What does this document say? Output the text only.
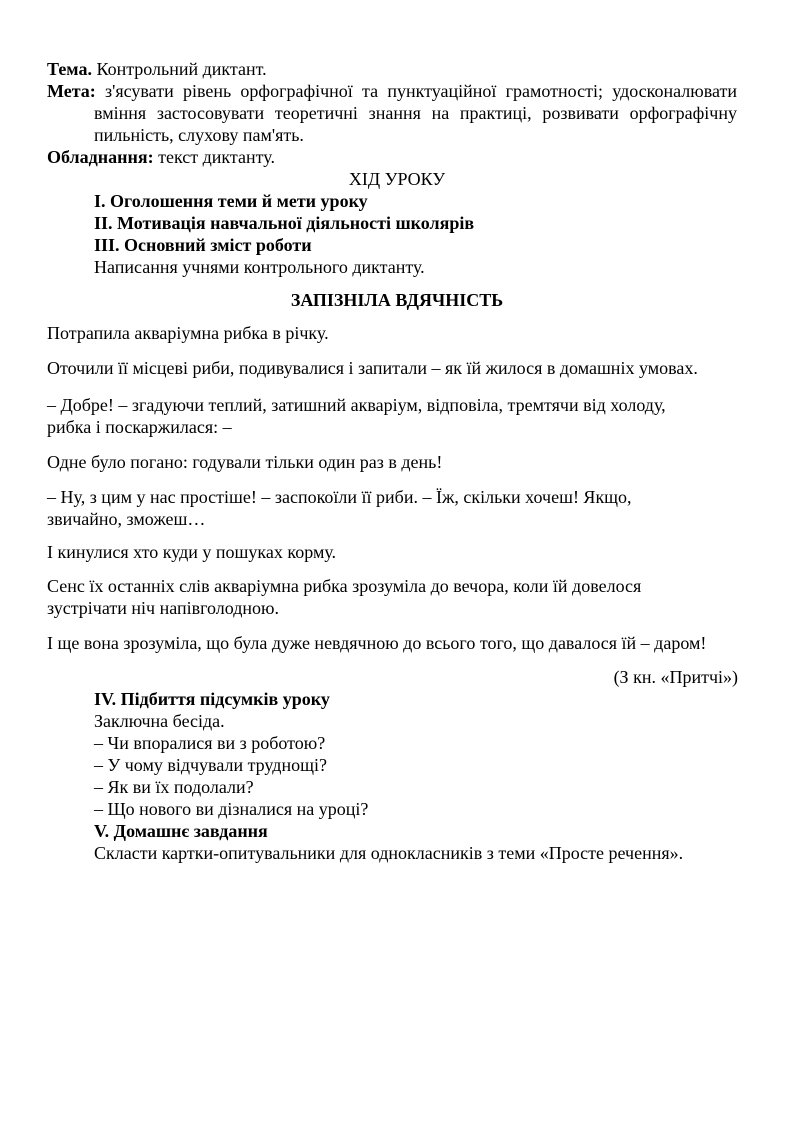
Тема. Контрольний диктант.
Мета: з'ясувати рівень орфографічної та пунктуаційної грамотності; удосконалювати
вміння застосовувати теоретичні знання на практиці, розвивати орфографічну
пильність, слухову пам'ять.
Обладнання: текст диктанту.
ХІД УРОКУ
І. Оголошення теми й мети уроку
ІІ. Мотивація навчальної діяльності школярів
ІІІ. Основний зміст роботи
Написання учнями контрольного диктанту.
ЗАПІЗНІЛА ВДЯЧНІСТЬ
Потрапила акваріумна рибка в річку.
Оточили її місцеві риби, подивувалися і запитали – як їй жилося в домашніх умовах.
– Добре! – згадуючи теплий, затишний акваріум, відповіла, тремтячи від холоду,
рибка і поскаржилася: –
Одне було погано: годували тільки один раз в день!
– Ну, з цим у нас простіше! – заспокоїли її риби. – Їж, скільки хочеш! Якщо,
звичайно, зможеш…
І кинулися хто куди у пошуках корму.
Сенс їх останніх слів акваріумна рибка зрозуміла до вечора, коли їй довелося
зустрічати ніч напівголодною.
І ще вона зрозуміла, що була дуже невдячною до всього того, що давалося їй – даром!
(З кн. «Притчі»)
IV. Підбиття підсумків уроку
Заключна бесіда.
– Чи впоралися ви з роботою?
– У чому відчували труднощі?
– Як ви їх подолали?
– Що нового ви дізналися на уроці?
V. Домашнє завдання
Скласти картки-опитувальники для однокласників з теми «Просте речення».
